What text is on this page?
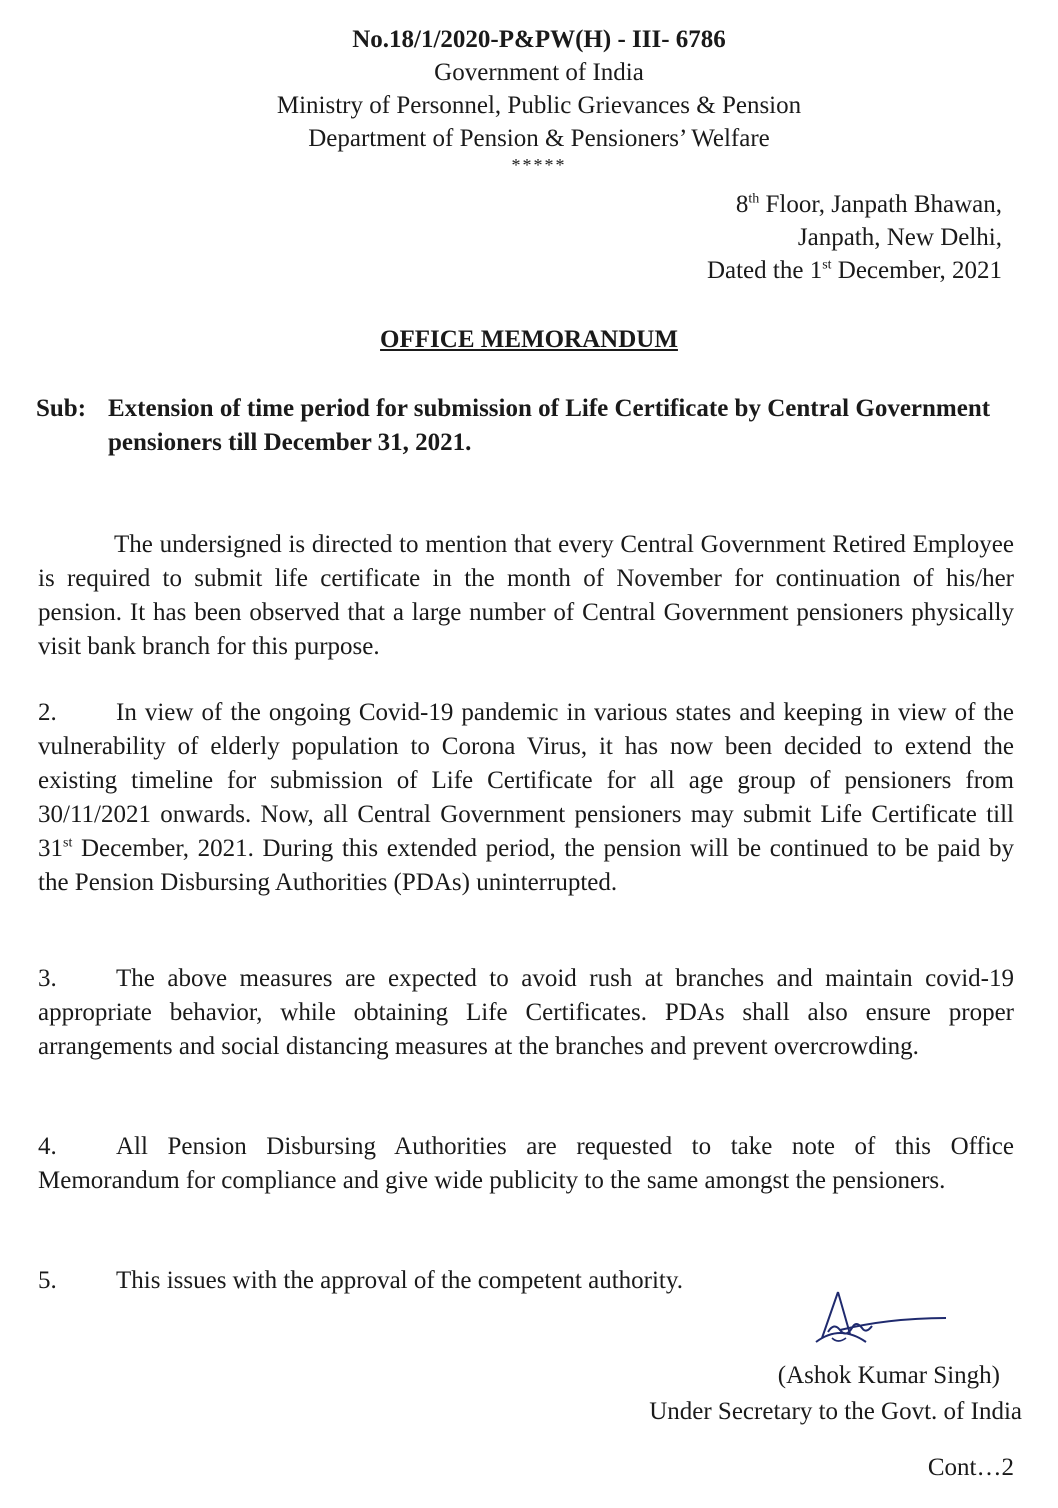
No.18/1/2020-P&PW(H) - III- 6786
Government of India
Ministry of Personnel, Public Grievances & Pension
Department of Pension & Pensioners’ Welfare
*****
8th Floor, Janpath Bhawan,
Janpath, New Delhi,
Dated the 1st December, 2021
OFFICE MEMORANDUM
Sub: Extension of time period for submission of Life Certificate by Central Government pensioners till December 31, 2021.
The undersigned is directed to mention that every Central Government Retired Employee is required to submit life certificate in the month of November for continuation of his/her pension. It has been observed that a large number of Central Government pensioners physically visit bank branch for this purpose.
2. In view of the ongoing Covid-19 pandemic in various states and keeping in view of the vulnerability of elderly population to Corona Virus, it has now been decided to extend the existing timeline for submission of Life Certificate for all age group of pensioners from 30/11/2021 onwards. Now, all Central Government pensioners may submit Life Certificate till 31st December, 2021. During this extended period, the pension will be continued to be paid by the Pension Disbursing Authorities (PDAs) uninterrupted.
3. The above measures are expected to avoid rush at branches and maintain covid-19 appropriate behavior, while obtaining Life Certificates. PDAs shall also ensure proper arrangements and social distancing measures at the branches and prevent overcrowding.
4. All Pension Disbursing Authorities are requested to take note of this Office Memorandum for compliance and give wide publicity to the same amongst the pensioners.
5. This issues with the approval of the competent authority.
(Ashok Kumar Singh)
Under Secretary to the Govt. of India
Cont…2
